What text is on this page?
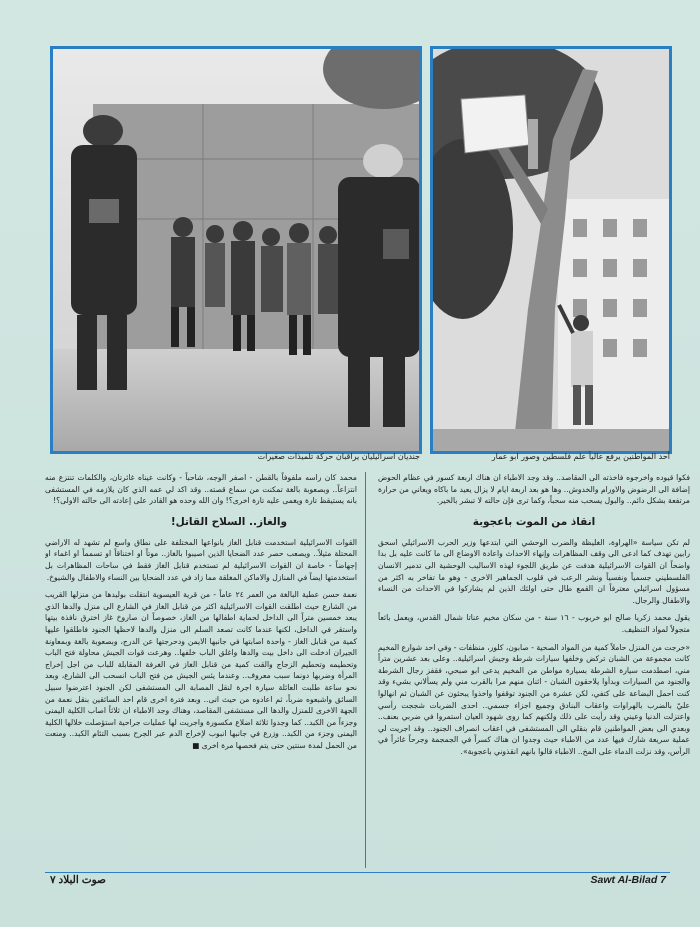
جنديان اسرائيليان يراقبان حركة تلميذات صغيرات	أحد المواطنين يرفع عالياً علم فلسطين وصور ابو عمار

فكوا قيوده واخرجوه فاخذته الى المقاصد.. وقد وجد الاطباء ان هناك اربعة كسور في عظام الحوض إضافة الى الرضوض والاورام والخدوش.. وها هو بعد اربعة ايام لا يزال يعيد ما باكاه ويعاني من حرارة مرتفعة بشكل دائم.. والبول يسحب منه سحباً، وكما ترى فإن حالته لا تبشر بالخير.

انقاذ من الموت باعجوبة

لم تكن سياسة «الهراوة، الغليظة والضرب الوحشي التي ابتدعها وزير الحرب الاسرائيلي اسحق رابين تهدف كما ادعى الى وقف المظاهرات وإنهاء الاحداث واعادة الاوضاع الى ما كانت عليه بل بدا واضحاً ان القوات الاسرائيلية هدفت عن طريق اللجوء لهذه الاساليب الوحشية الى تدمير الانسان الفلسطيني جسمياً ونفسياً ونشر الرعب في قلوب الجماهير الاخرى - وهو ما تفاخر به اكثر من مسؤول اسرائيلي معترفاً ان القمع طال حتى اولئك الذين لم يشاركوا في الاحداث من النساء والاطفال والرجال.

يقول محمد زكريا صالح ابو خربوب - ١٦ سنة - من سكان مخيم عناتا شمال القدس، ويعمل بائعاً متجولاً لمواد التنظيف.

«خرجت من المنزل حاملاً كمية من المواد الصحية - صابون، كلور، منظفات - وفي احد شوارع المخيم كانت مجموعة من الشبان تركض وخلفها سيارات شرطة وجيش اسرائيلية.. وعلى بعد عشرين متراً مني، اصطدمت سيارة الشرطة بسيارة مواطن من المخيم يدعى ابو صبحي، فقفز رجال الشرطة والجنود من السيارات وبدأوا يلاحقون الشبان - اثنان منهم مرا بالقرب مني ولم يسألاني بشيء وقد كنت احمل البضاعة على كتفي، لكن عشرة من الجنود توقفوا واخذوا يبحثون عن الشبان ثم انهالوا عليّ بالضرب بالهراوات واعقاب البنادق وجميع اجزاء جسمي.. احدى الضربات شججت رأسي واعتزلت الدنيا وعيني وقد رأيت على ذلك ولكنهم كما روى شهود العيان استمروا في ضربي بعنف.. وبعدي الى بعض المواطنين قام بنقلي الى المستشفى في اعقاب انصراف الجنود.. وقد اجريت لي عملية سريعة شارك فيها عدد من الاطباء حيث وجدوا ان هناك كسراً في الجمجمة وجرحاً غائراً في الرأس، وقد نزلت الدماء على المخ.. الاطباء قالوا بانهم انقذوني باعجوبة».

محمد كان راسه ملفوفاً بالقطن - اصفر الوجه، شاحباً - وكانت عيناه غائرتان، والكلمات تنتزع منه انتزاعاً.. وبصعوبة بالغة تمكنت من سماع قصته.. وقد اكد لي عمه الذي كان يلازمه في المستشفى بانه يستيقظ تارة ويغمى عليه تارة اخرى؟! وان الله وحده هو القادر على إعادته الى حالته الاولى؟!

والغاز.. السلاح القاتل!

القوات الاسرائيلية استخدمت قنابل الغاز بانواعها المختلفة على نطاق واسع لم تشهد له الاراضي المحتلة مثيلاً.. ويصعب حصر عدد الضحايا الذين اصيبوا بالغاز.. موتاً او اختناقاً او تسمماً او اغماء او إجهاضاً - خاصة ان القوات الاسرائيلية لم تستخدم قنابل الغاز فقط في ساحات المظاهرات بل استخدمتها ايضاً في المنازل والاماكن المغلقة مما زاد في عدد الضحايا بين النساء والاطفال والشيوخ.

نعمة حسن عطية البالغة من العمر ٢٤ عاماً - من قرية العيسوية انتقلت بوليدها من منزلها القريب من الشارع حيث اطلقت القوات الاسرائيلية اكثر من قنابل الغاز في الشارع الى منزل والدها الذي يبعد خمسين متراً الى الداخل لحماية اطفالها من الغاز، خصوصاً ان صاروخ غاز اخترق نافذة بيتها واستقر في الداخل، لكنها عندما كانت تصعد السلم الى منزل والدها لاحظها الجنود فاطلقوا عليها كمية من قنابل الغاز - واحدة اصابتها في جانبها الايمن ودحرجتها عن الدرج، وبصعوبة بالغة وبمعاونة الجيران ادخلت الى داخل بيت والدها واغلق الباب خلفها.. وهرعت قوات الجيش محاولة فتح الباب وتحطيمه وتحطيم الزجاج والقت كمية من قنابل الغاز في الغرفة المقابلة للباب من اجل إخراج المرأة وضربها دونما سبب معروف.. وعندما يئس الجيش من فتح الباب انسحب الى الشارع، وبعد نحو ساعة طلبت العائلة سيارة اجرة لنقل المصابة الى المستشفى لكن الجنود اعترضوا سبيل السائق واشبعوه ضرباً، ثم اعادوه من حيث اتى.. وبعد فترة اخرى قام احد السائقين بنقل نعمة من الجهة الاخرى للمنزل والدها الى مستشفى المقاصد، وهناك وجد الاطباء ان ثلاثاً اصاب الكلية اليمنى وجزءاً من الكبد.. كما وجدوا ثلاثة اضلاع مكسورة واجريت لها عمليات جراحية استؤصلت خلالها الكلية اليمنى وجزء من الكبد.. وزرع في جانبها انبوب لإخراج الدم عبر الجرح بسبب التئام الكبد.. ومنعت من الحمل لمدة سنتين حتى يتم فحصها مرة اخرى ■

صوت البلاد ٧	Sawt Al-Bilad 7
